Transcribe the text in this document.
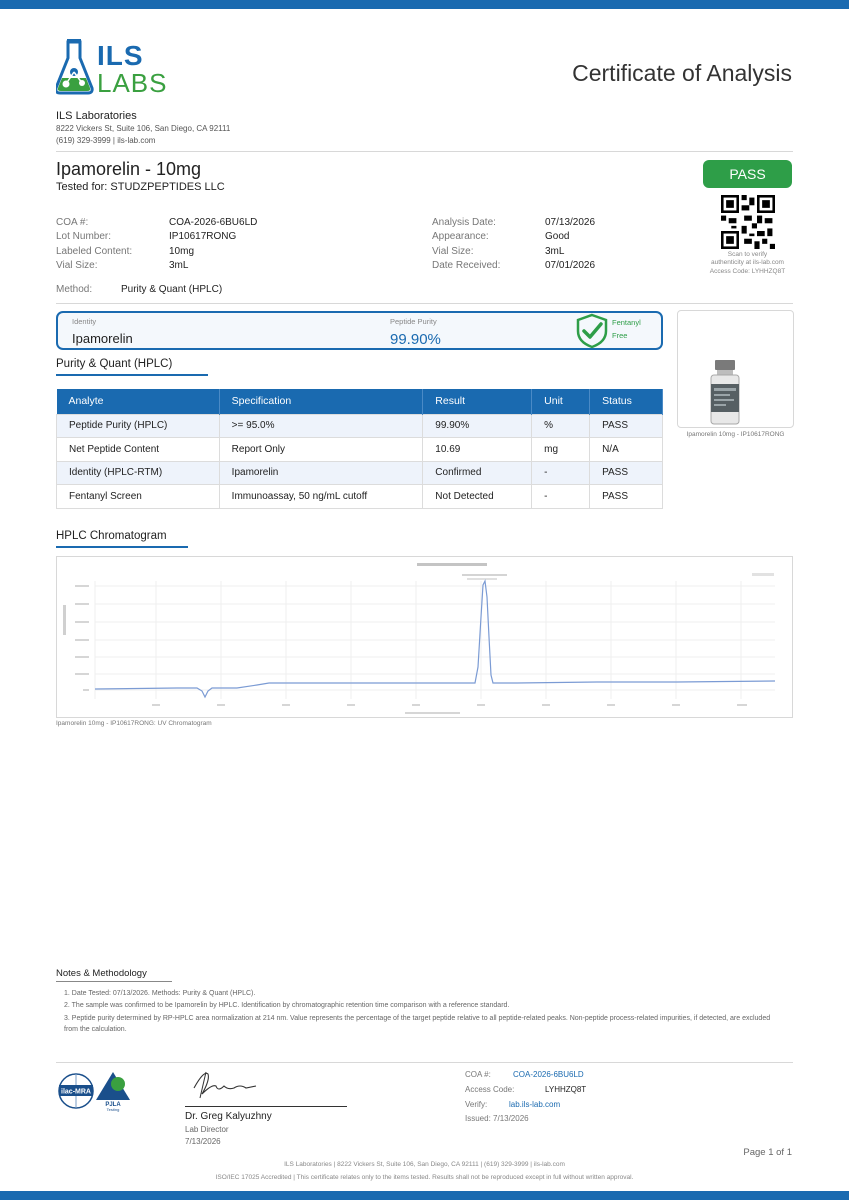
ILS
LABS	Certificate of Analysis
ILS Laboratories
8222 Vickers St, Suite 106, San Diego, CA 92111
(619) 329-3999 | ils-lab.com
Ipamorelin - 10mg
Tested for: STUDZPEPTIDES LLC
PASS
COA #:	COA-2026-6BU6LD
Lot Number:	IP10617RONG
Labeled Content:	10mg
Vial Size:	3mL
Analysis Date:	07/13/2026
Appearance:	Good
Vial Size:	3mL
Date Received:	07/01/2026
Scan to verify
authenticity at ils-lab.com
Access Code: LYHHZQ8T
Method:	Purity & Quant (HPLC)
Identity
Ipamorelin
Peptide Purity
99.90%
Fentanyl
Free
Ipamorelin 10mg - IP10617RONG
Purity & Quant (HPLC)
Analyte	Specification	Result	Unit	Status
Peptide Purity (HPLC)	>= 95.0%	99.90%	%	PASS
Net Peptide Content	Report Only	10.69	mg	N/A
Identity (HPLC-RTM)	Ipamorelin	Confirmed	-	PASS
Fentanyl Screen	Immunoassay, 50 ng/mL cutoff	Not Detected	-	PASS
HPLC Chromatogram
Ipamorelin 10mg - IP10617RONG: UV Chromatogram
Notes & Methodology
1. Date Tested: 07/13/2026. Methods: Purity & Quant (HPLC).
2. The sample was confirmed to be Ipamorelin by HPLC. Identification by chromatographic retention time comparison with a reference standard.
3. Peptide purity determined by RP-HPLC area normalization at 214 nm. Value represents the percentage of the target peptide relative to all peptide-related peaks. Non-peptide process-related impurities, if detected, are excluded from the calculation.
ilac-MRA
PJLA
Testing
Dr. Greg Kalyuzhny
Lab Director
7/13/2026
COA #:	COA-2026-6BU6LD
Access Code:	LYHHZQ8T
Verify:	lab.ils-lab.com
Issued: 7/13/2026
Page 1 of 1
ILS Laboratories | 8222 Vickers St, Suite 106, San Diego, CA 92111 | (619) 329-3999 | ils-lab.com
ISO/IEC 17025 Accredited | This certificate relates only to the items tested. Results shall not be reproduced except in full without written approval.
